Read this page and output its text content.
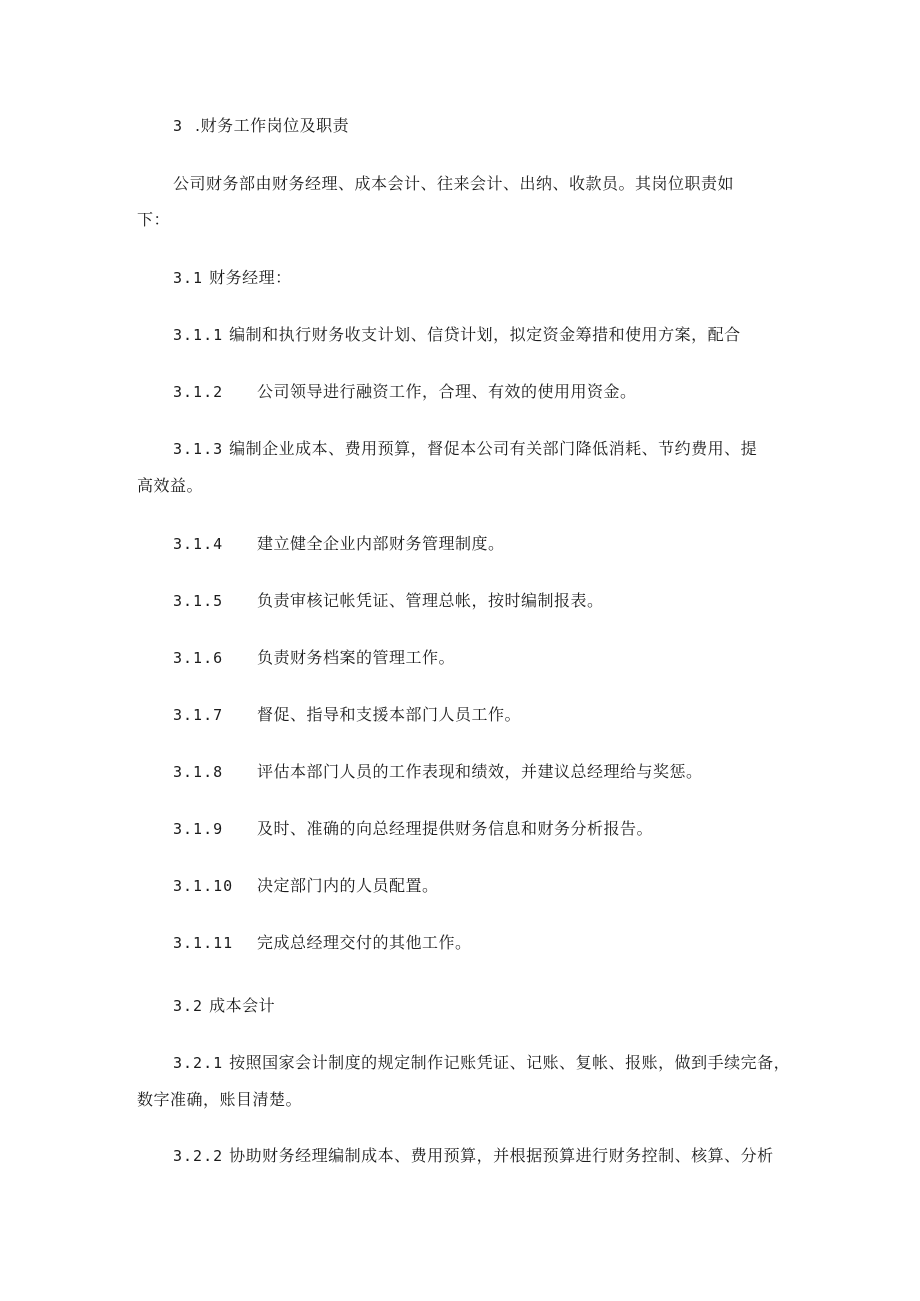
3 .财务工作岗位及职责
公司财务部由财务经理、成本会计、往来会计、出纳、收款员。其岗位职责如
下：
3.1 财务经理：
3.1.1 编制和执行财务收支计划、信贷计划，拟定资金筹措和使用方案，配合
3.1.2 公司领导进行融资工作，合理、有效的使用用资金。
3.1.3 编制企业成本、费用预算，督促本公司有关部门降低消耗、节约费用、提
高效益。
3.1.4 建立健全企业内部财务管理制度。
3.1.5 负责审核记帐凭证、管理总帐，按时编制报表。
3.1.6 负责财务档案的管理工作。
3.1.7 督促、指导和支援本部门人员工作。
3.1.8 评估本部门人员的工作表现和绩效，并建议总经理给与奖惩。
3.1.9 及时、准确的向总经理提供财务信息和财务分析报告。
3.1.10 决定部门内的人员配置。
3.1.11 完成总经理交付的其他工作。
3.2 成本会计
3.2.1 按照国家会计制度的规定制作记账凭证、记账、复帐、报账，做到手续完备，
数字准确，账目清楚。
3.2.2 协助财务经理编制成本、费用预算，并根据预算进行财务控制、核算、分析
